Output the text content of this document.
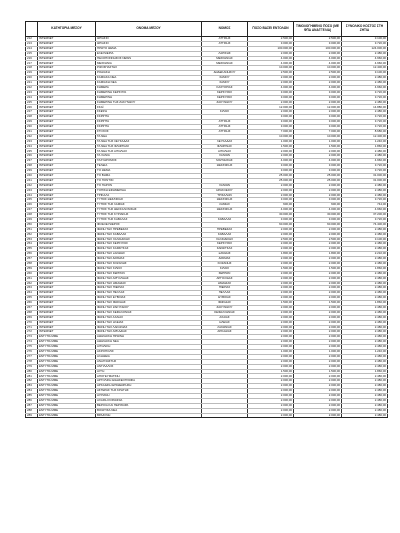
	ΚΑΤΗΓΟΡΙΑ ΜΕΣΟΥ	ΟΝΟΜΑ ΜΕΣΟΥ	ΝΟΜΟΣ	ΠΟΣΟ ΒΑΣΕΙ ΕΝΤΟΛΩΝ	ΤΙΜΟΛΟΓΗΜΕΝΟ ΠΟΣΟ (ΜΕ ΦΠΑ ΑΝΑΓΓΕΛΙΑ)	ΣΥΝΟΛΙΚΟ ΚΟΣΤΟΣ ΣΤΗ ΖΗΤΙΑ
212	INTERNET	ΘΡΙΑΣΙΟ	ΑΤΤΙΚΗΣ	2.500,00	2.500,00	3.100,00
213	INTERNET	ΘΡΙΑΣΙΟ	ΑΤΤΙΚΗΣ	3.000,00	3.000,00	3.720,00
214	INTERNET	ΠΡΩΤΟ ΘΕΜΑ		100.000,00	100.000,00	124.000,00
215	INTERNET	ΕΛΕΥΘΕΡΙΑ	ΛΑΡΙΣΗΣ	2.000,00	2.000,00	2.480,00
216	INTERNET	ΠΕΛΟΠΟΝΝΗΣΟΣ NEWS	ΜΕΣΣΗΝΙΑΣ	4.000,00	4.000,00	4.960,00
217	INTERNET	ΜΕΣΣΗΝΙΑ	ΜΕΣΣΗΝΙΑΣ	4.000,00	4.000,00	4.960,00
218	INTERNET	ΡΙΖΟΣΠΑΣΤΗΣ		10.000,00	10.000,00	12.400,00
219	INTERNET	ΡΟΔΙΑΚΗ	ΔΩΔΕΚΑΝΗΣΟΥ	2.500,00	2.500,00	3.100,00
220	INTERNET	ΣΑΜΙΑΚΑ ΝΕΑ	ΣΑΜΟΥ	2.000,00	2.000,00	2.480,00
221	INTERNET	ΣΑΜΙΑΚΗ ΝΕΑ	ΣΑΜΟΥ	2.000,00	2.000,00	2.480,00
222	INTERNET	ΣΗΜΕΡΑ	ΚΑΣΤΟΡΙΑΣ	4.000,00	4.000,00	4.960,00
223	INTERNET	ΣΗΜΕΡΙΝΗ ΚΕΡΚΥΡΑ	ΚΕΡΚΥΡΑΣ	3.000,00	3.000,00	3.720,00
224	INTERNET	ΣΗΜΕΡΙΝΗ	ΚΕΡΚΥΡΑΣ	3.000,00	3.000,00	3.720,00
225	INTERNET	ΣΗΜΕΡΙΝΗ ΤΗΣ ΖΑΚΥΝΘΟΥ	ΖΑΚΥΝΘΟΥ	2.000,00	2.000,00	2.480,00
226	INTERNET	ΣΚΑΪ		12.000,00	12.000,00	14.880,00
227	INTERNET	ΣΚΕΨΗ	ΚΙΛΚΙΣ	2.000,00	2.000,00	2.480,00
228	INTERNET	ΣΚΡΙΠΤΑ		3.000,00	3.000,00	3.720,00
229	INTERNET	ΣΚΡΙΠΤΑ	ΑΤΤΙΚΗΣ	3.000,00	3.000,00	3.720,00
230	INTERNET	ΣΚΡΙΠΤΑ	ΑΤΤΙΚΗΣ	3.000,00	3.000,00	3.720,00
231	INTERNET	ΣΤΟΧΟΣ	ΑΤΤΙΚΗΣ	7.000,00	7.000,00	8.680,00
232	INTERNET	ΤΑ ΝΕΑ		10.000,00	10.000,00	12.400,00
233	INTERNET	ΤΑ ΝΕΑ ΤΗΣ ΛΕΥΚΑΔΑΣ	ΛΕΥΚΑΔΑΣ	1.000,00	1.000,00	1.240,00
234	INTERNET	ΤΑ ΝΕΑ ΤΗΣ ΦΛΩΡΙΝΑΣ	ΦΛΩΡΙΝΑΣ	1.500,00	1.500,00	1.860,00
235	INTERNET	ΤΑ ΝΕΑ ΤΗΣ ΑΙΤΩΛΙΑΣ	ΑΙΤΩΛΙΑΣ	2.000,00	2.000,00	2.480,00
236	INTERNET	ΤΑ ΧΑΝΙΑ	ΧΑΝΙΩΝ	2.000,00	2.000,00	2.480,00
237	INTERNET	ΤΑΧΥΔΡΟΜΟΣ	ΜΑΓΝΗΣΙΑΣ	4.000,00	4.000,00	4.960,00
238	INTERNET	ΤΕΛΕΙΑ	ΘΕΣ/ΝΙΚΗΣ	3.000,00	3.000,00	3.720,00
239	INTERNET	ΤΟ ΘΕΜΑ		3.000,00	3.000,00	3.720,00
240	INTERNET	ΤΟ ΒΗΜΑ		25.000,00	25.000,00	31.000,00
241	INTERNET	ΤΟ ΠΟΝΤΙΚΙ		25.000,00	25.000,00	31.000,00
242	INTERNET	ΤΟ ΠΑΡΟΝ	ΧΑΝΙΩΝ	2.000,00	2.000,00	2.480,00
243	INTERNET	ΤΟΠΙΚΗ ΕΦΗΜΕΡΙΔΑ	ΗΡΑΚΛΕΙΟΥ	2.000,00	2.000,00	2.480,00
244	INTERNET	ΤΡΙΚΑΛΑ	ΤΡΙΚΑΛΩΝ	2.000,00	2.000,00	2.480,00
245	INTERNET	ΤΥΠΟΣ ΘΕΣ/ΝΙΚΗΣ	ΘΕΣ/ΝΙΚΗΣ	3.000,00	3.000,00	3.720,00
246	INTERNET	ΤΥΠΟΣ ΤΗΣ ΛΑΜΙΑΣ	ΛΑΜΙΑΣ	600,00	600,00	744,00
247	INTERNET	ΤΥΠΟΣ ΤΗΣ ΘΕΣΣΑΛΟΝΙΚΗΣ	ΘΕΣ/ΝΙΚΗΣ	4.000,00	4.000,00	4.960,00
248	INTERNET	ΤΥΠΟΣ ΤΗΣ ΚΥΡΙΑΚΗΣ		30.000,00	30.000,00	37.200,00
249	INTERNET	ΤΥΠΟΣ ΤΗΣ ΚΑΒΑΛΑΣ	ΚΑΒΑΛΑΣ	3.000,00	3.000,00	3.720,00
250	INTERNET	ΦΙΛΕΛΕΥΘΕΡΟΣ		60.000,00	60.000,00	74.400,00
251	INTERNET	ΦΩΝΗ ΤΗΣ ΠΡΕΒΕΖΑΣ	ΠΡΕΒΕΖΑΣ	2.000,00	2.000,00	2.480,00
252	INTERNET	ΦΩΝΗ ΤΗΣ ΚΑΒΑΛΑΣ	ΚΑΒΑΛΑΣ	2.000,00	2.000,00	2.480,00
253	INTERNET	ΦΩΝΗ ΤΗΣ ΧΑΛΚΙΔΙΚΗΣ	ΧΑΛΚΙΔΙΚΗΣ	2.500,00	2.500,00	3.100,00
254	INTERNET	ΦΩΝΗ ΤΗΣ ΚΕΡΚΥΡΑΣ	ΚΕΡΚΥΡΑΣ	2.000,00	2.000,00	2.480,00
255	INTERNET	ΦΩΝΗ ΤΗΣ ΚΑΡΔΙΤΣΑΣ	ΚΑΡΔΙΤΣΑΣ	2.000,00	2.000,00	2.480,00
256	INTERNET	ΦΩΝΗ ΤΗΣ ΞΑΝΘΗΣ	ΞΑΝΘΗΣ	1.800,00	1.800,00	2.232,00
257	INTERNET	ΦΩΝΗ ΤΗΣ ΔΡΑΜΑΣ	ΔΡΑΜΑΣ	2.000,00	2.000,00	2.480,00
258	INTERNET	ΦΩΝΗ ΤΗΣ ΚΟΖΑΝΗΣ	ΚΟΖΑΝΗΣ	2.000,00	2.000,00	2.480,00
259	INTERNET	ΦΩΝΗ ΤΗΣ ΚΙΛΚΙΣ	ΚΙΛΚΙΣ	1.500,00	1.500,00	1.860,00
260	INTERNET	ΦΩΝΗ ΤΗΣ ΣΕΡΡΩΝ	ΣΕΡΡΩΝ	2.000,00	2.000,00	2.480,00
261	INTERNET	ΦΩΝΗ ΤΗΣ ΑΡΓΟΛΙΔΑΣ	ΑΡΓΟΛΙΔΑΣ	2.000,00	2.000,00	2.480,00
262	INTERNET	ΦΩΝΗ ΤΗΣ ΗΜΑΘΙΑΣ	ΗΜΑΘΙΑΣ	2.000,00	2.000,00	2.480,00
263	INTERNET	ΦΩΝΗ ΤΗΣ ΠΙΕΡΙΑΣ	ΠΙΕΡΙΑΣ	2.000,00	2.000,00	2.480,00
264	INTERNET	ΦΩΝΗ ΤΗΣ ΠΕΛΛΑΣ	ΠΕΛΛΑΣ	2.000,00	2.000,00	2.480,00
265	INTERNET	ΦΩΝΗ ΤΗΣ ΕΥΒΟΙΑΣ	ΕΥΒΟΙΑΣ	2.000,00	2.000,00	2.480,00
266	INTERNET	ΦΩΝΗ ΤΗΣ ΦΩΚΙΔΑΣ	ΦΩΚΙΔΑΣ	1.500,00	1.500,00	1.860,00
267	INTERNET	ΦΩΝΗ ΤΗΣ ΖΑΚΥΝΘΟΥ	ΖΑΚΥΝΘΟΥ	2.000,00	2.000,00	2.480,00
268	INTERNET	ΦΩΝΗ ΤΗΣ ΚΕΦΑΛΟΝΙΑΣ	ΚΕΦΑΛΛΗΝΙΑΣ	2.000,00	2.000,00	2.480,00
269	INTERNET	ΦΩΝΗ ΤΗΣ ΑΧΑΪΑΣ	ΑΧΑΪΑΣ	2.000,00	2.000,00	2.480,00
270	INTERNET	ΦΩΝΗ ΤΗΣ ΗΛΕΙΑΣ	ΗΛΕΙΑΣ	2.000,00	2.000,00	2.480,00
271	INTERNET	ΦΩΝΗ ΤΗΣ ΛΑΚΩΝΙΑΣ	ΛΑΚΩΝΙΑΣ	2.000,00	2.000,00	2.480,00
272	INTERNET	ΦΩΝΗ ΤΗΣ ΑΡΚΑΔΙΑΣ	ΑΡΚΑΔΙΑΣ	2.000,00	2.000,00	2.480,00
273	ΕΝΤΥΠΑ ΜΜΕ	ΑΘΗΝΑΪΚΗ ΠΡΩΙΝΗ		2.000,00	2.000,00	2.480,00
274	ΕΝΤΥΠΑ ΜΜΕ	ΑΘΗΝΑΪΚΗ ΝΕΑ		2.000,00	2.000,00	2.480,00
275	ΕΝΤΥΠΑ ΜΜΕ	ΑΙΤΩΛΙΚΗ		2.000,00	2.000,00	2.480,00
276	ΕΝΤΥΠΑ ΜΜΕ	ΑΚΡΟΠΟΛΙΣ		1.000,00	1.000,00	1.240,00
277	ΕΝΤΥΠΑ ΜΜΕ	ΑΛΗΘΕΙΑ		2.000,00	2.000,00	2.480,00
278	ΕΝΤΥΠΑ ΜΜΕ	ΑΝΑΓΝΩΣΤΗΣ		2.000,00	2.000,00	2.480,00
279	ΕΝΤΥΠΑ ΜΜΕ	ΑΝΤΙΛΑΛΟΣ		2.000,00	2.000,00	2.480,00
280	ΕΝΤΥΠΑ ΜΜΕ	ΑΥΓΗ		1.500,00	1.500,00	1.860,00
281	ΕΝΤΥΠΑ ΜΜΕ	ΑΠΟΓΕΥΜΑΤΙΝΗ		2.000,00	2.000,00	2.480,00
282	ΕΝΤΥΠΑ ΜΜΕ	ΑΡΓΟΛΙΚΗ ΕΙΔΗΣΕΟΓΡΑΦΙΑ		2.000,00	2.000,00	2.480,00
283	ΕΝΤΥΠΑ ΜΜΕ	ΑΡΚΑΔΙΚΗ ΕΠΙΘΕΩΡΗΣΗ		2.000,00	2.000,00	2.480,00
284	ΕΝΤΥΠΑ ΜΜΕ	ΑΣΤΕΡΑΣ ΤΗΣ ΚΡΗΤΗΣ		2.000,00	2.000,00	2.480,00
285	ΕΝΤΥΠΑ ΜΜΕ	ΑΥΡΙΑΝΗ		2.000,00	2.000,00	2.480,00
286	ΕΝΤΥΠΑ ΜΜΕ	ΑΧΑΪΚΗ ΚΟΙΝΩΝΙΑ		2.000,00	2.000,00	2.480,00
287	ΕΝΤΥΠΑ ΜΜΕ	ΒΕΡΟΙΑ ΚΑΙ ΠΕΡΙΧΩΡΑ		2.000,00	2.000,00	2.480,00
288	ΕΝΤΥΠΑ ΜΜΕ	ΒΟΙΩΤΙΚΑ ΝΕΑ		2.000,00	2.000,00	2.480,00
289	ΕΝΤΥΠΑ ΜΜΕ	ΒΡΑΔΥΝΗ		2.000,00	2.000,00	2.480,00
